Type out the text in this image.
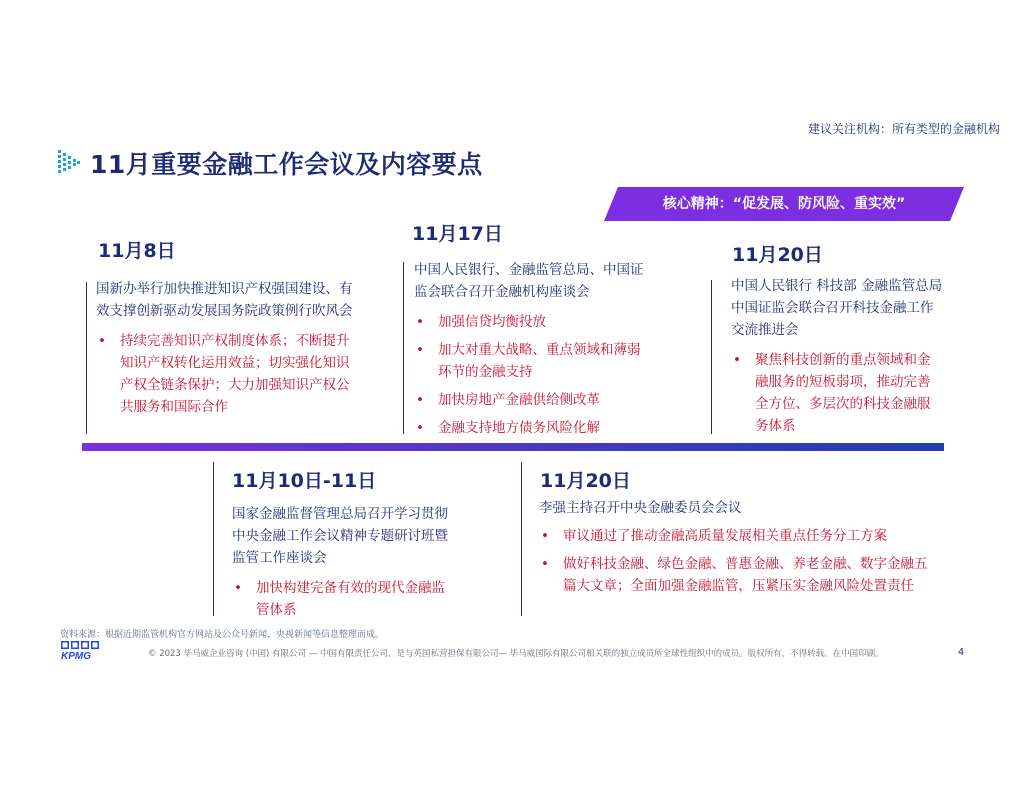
建议关注机构：所有类型的金融机构
11月重要金融工作会议及内容要点
核心精神：“促发展、防风险、重实效”
11月8日
国新办举行加快推进知识产权强国建设、有效支撑创新驱动发展国务院政策例行吹风会
• 持续完善知识产权制度体系；不断提升知识产权转化运用效益；切实强化知识产权全链条保护；大力加强知识产权公共服务和国际合作
11月17日
中国人民银行、金融监管总局、中国证监会联合召开金融机构座谈会
• 加强信贷均衡投放
• 加大对重大战略、重点领域和薄弱环节的金融支持
• 加快房地产金融供给侧改革
• 金融支持地方债务风险化解
11月20日
中国人民银行 科技部 金融监管总局 中国证监会联合召开科技金融工作交流推进会
• 聚焦科技创新的重点领域和金融服务的短板弱项，推动完善全方位、多层次的科技金融服务体系
11月10日-11日
国家金融监督管理总局召开学习贯彻中央金融工作会议精神专题研讨班暨监管工作座谈会
• 加快构建完备有效的现代金融监管体系
11月20日
李强主持召开中央金融委员会会议
• 审议通过了推动金融高质量发展相关重点任务分工方案
• 做好科技金融、绿色金融、普惠金融、养老金融、数字金融五篇大文章；全面加强金融监管，压紧压实金融风险处置责任
资料来源：根据近期监管机构官方网站及公众号新闻、央视新闻等信息整理而成。
KPMG	© 2023 毕马威企业咨询 (中国) 有限公司 — 中国有限责任公司，是与英国私营担保有限公司— 毕马威国际有限公司相关联的独立成员所全球性组织中的成员。版权所有，不得转载。在中国印刷。	4
